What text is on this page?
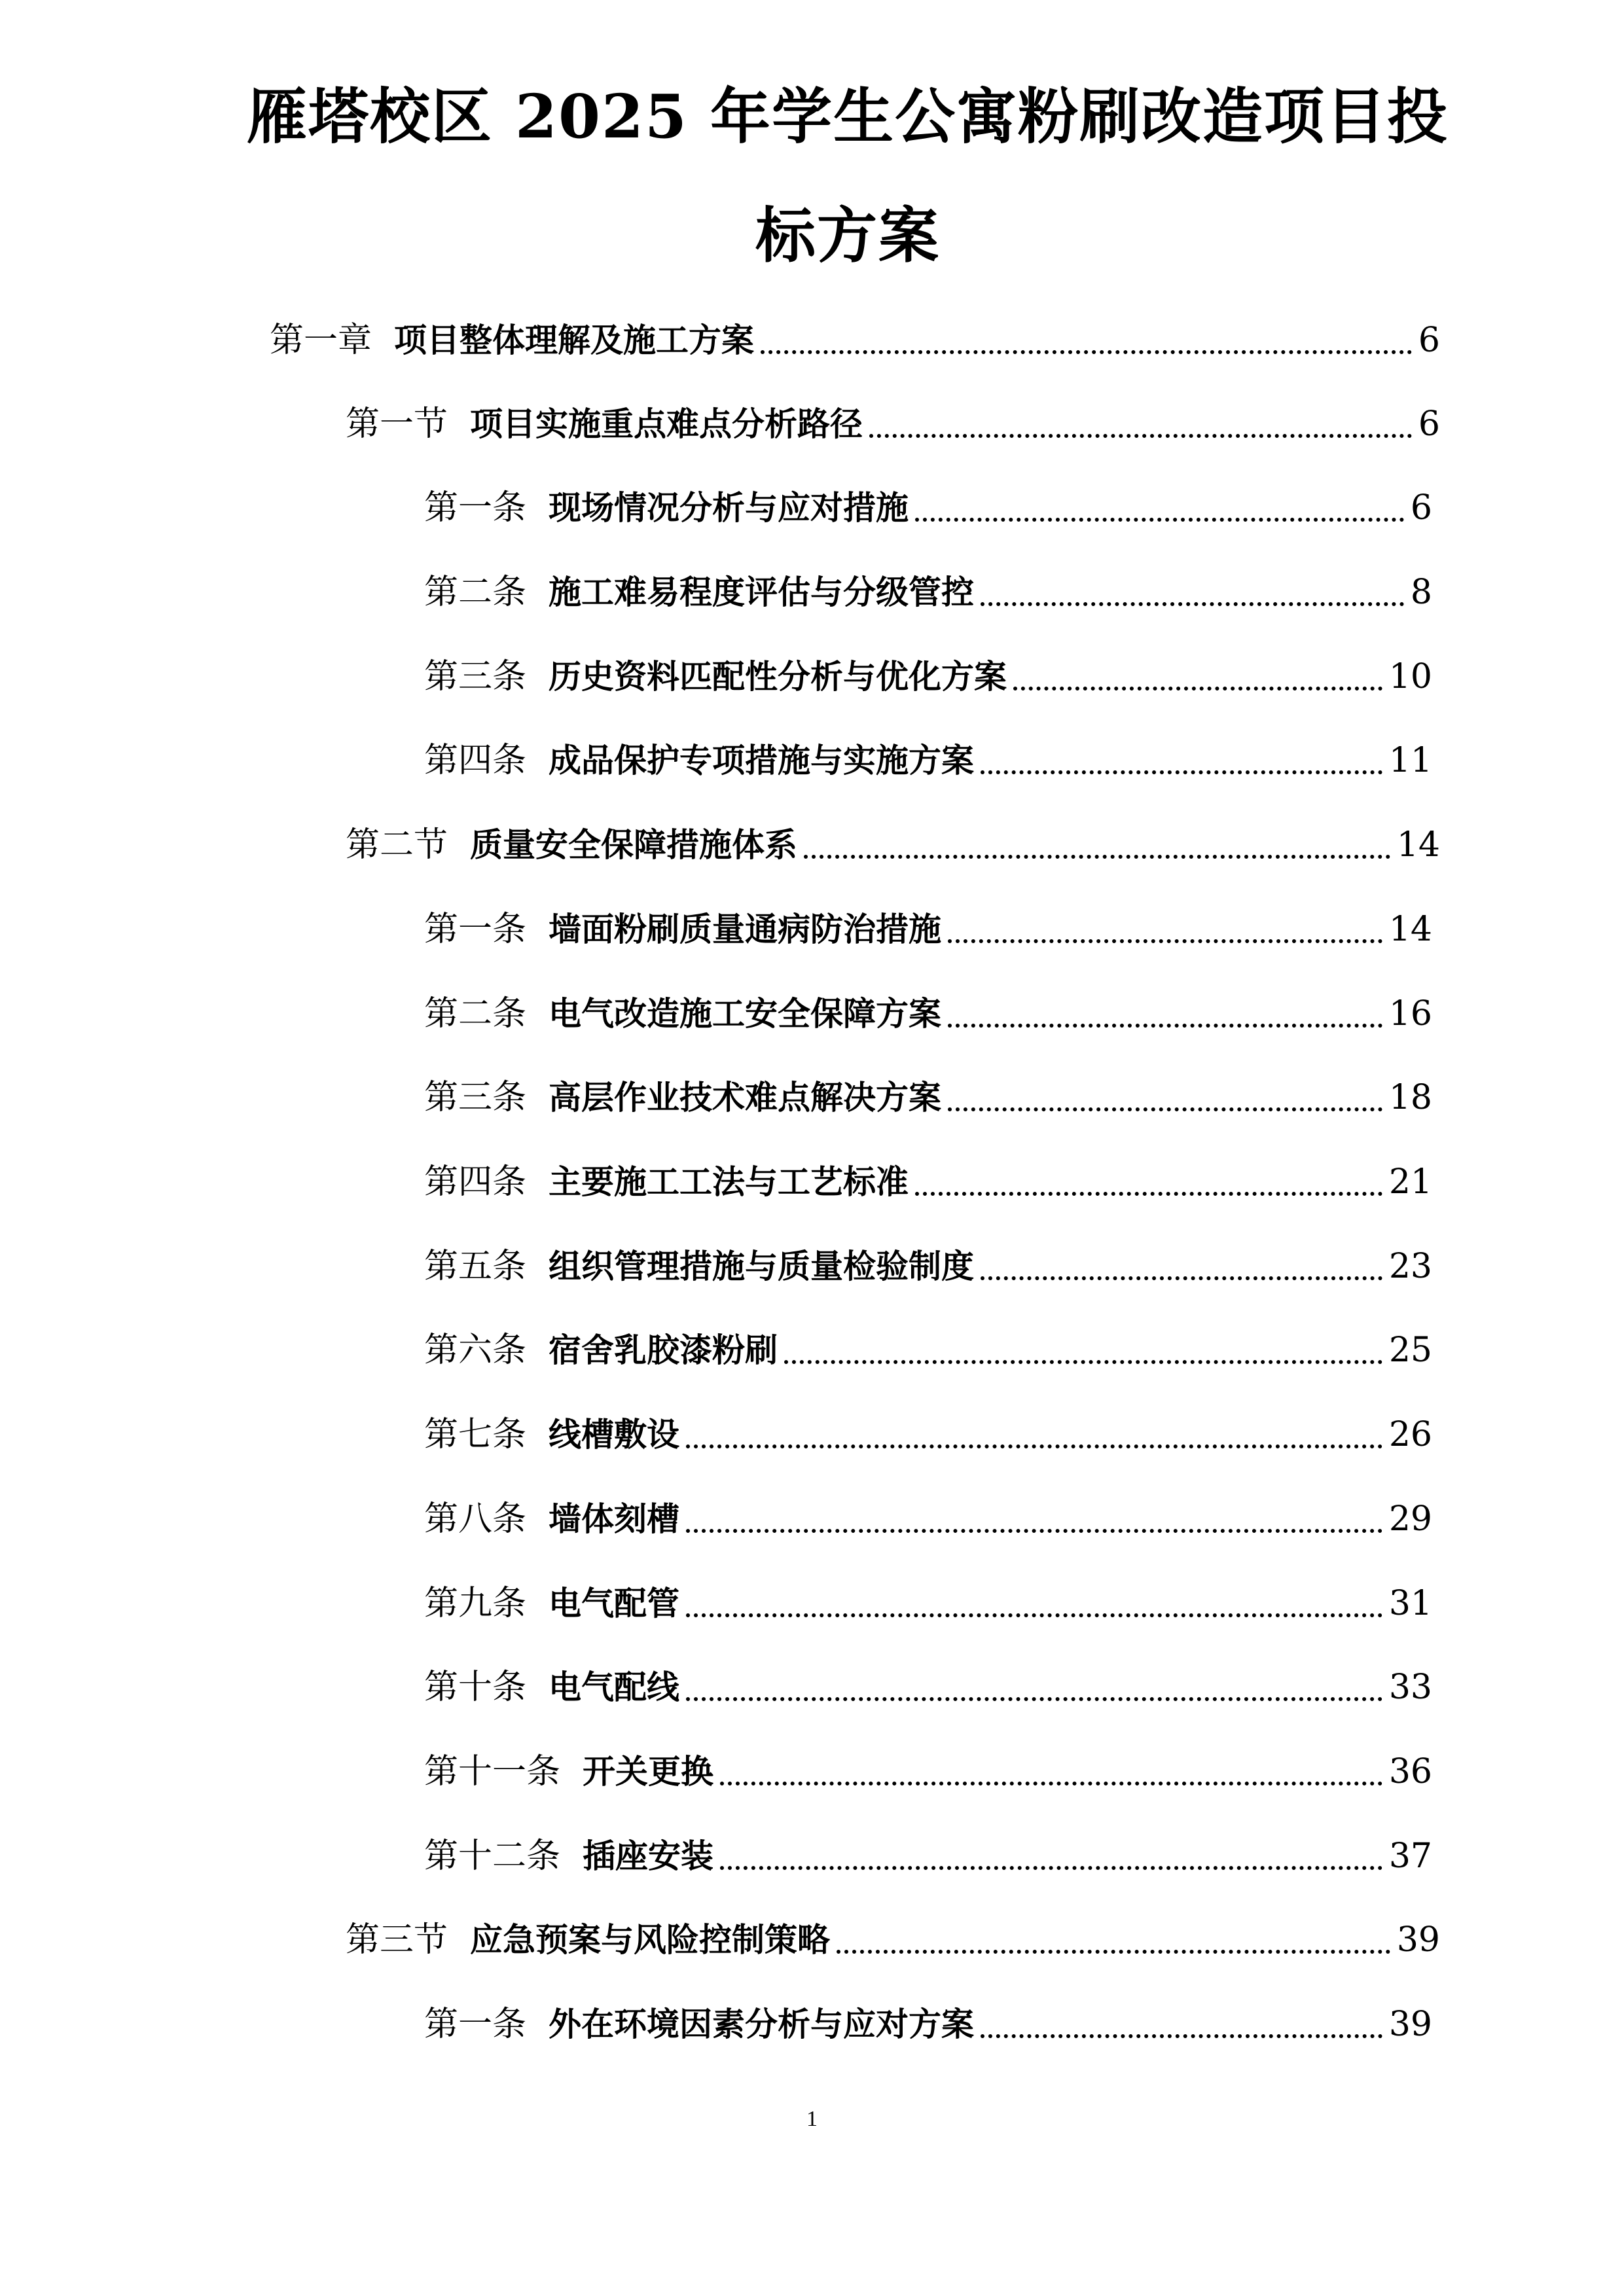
雁塔校区 2025 年学生公寓粉刷改造项目投
标方案
第一章 项目整体理解及施工方案	6
第一节 项目实施重点难点分析路径	6
第一条 现场情况分析与应对措施	6
第二条 施工难易程度评估与分级管控	8
第三条 历史资料匹配性分析与优化方案	10
第四条 成品保护专项措施与实施方案	11
第二节 质量安全保障措施体系	14
第一条 墙面粉刷质量通病防治措施	14
第二条 电气改造施工安全保障方案	16
第三条 高层作业技术难点解决方案	18
第四条 主要施工工法与工艺标准	21
第五条 组织管理措施与质量检验制度	23
第六条 宿舍乳胶漆粉刷	25
第七条 线槽敷设	26
第八条 墙体刻槽	29
第九条 电气配管	31
第十条 电气配线	33
第十一条 开关更换	36
第十二条 插座安装	37
第三节 应急预案与风险控制策略	39
第一条 外在环境因素分析与应对方案	39
1
